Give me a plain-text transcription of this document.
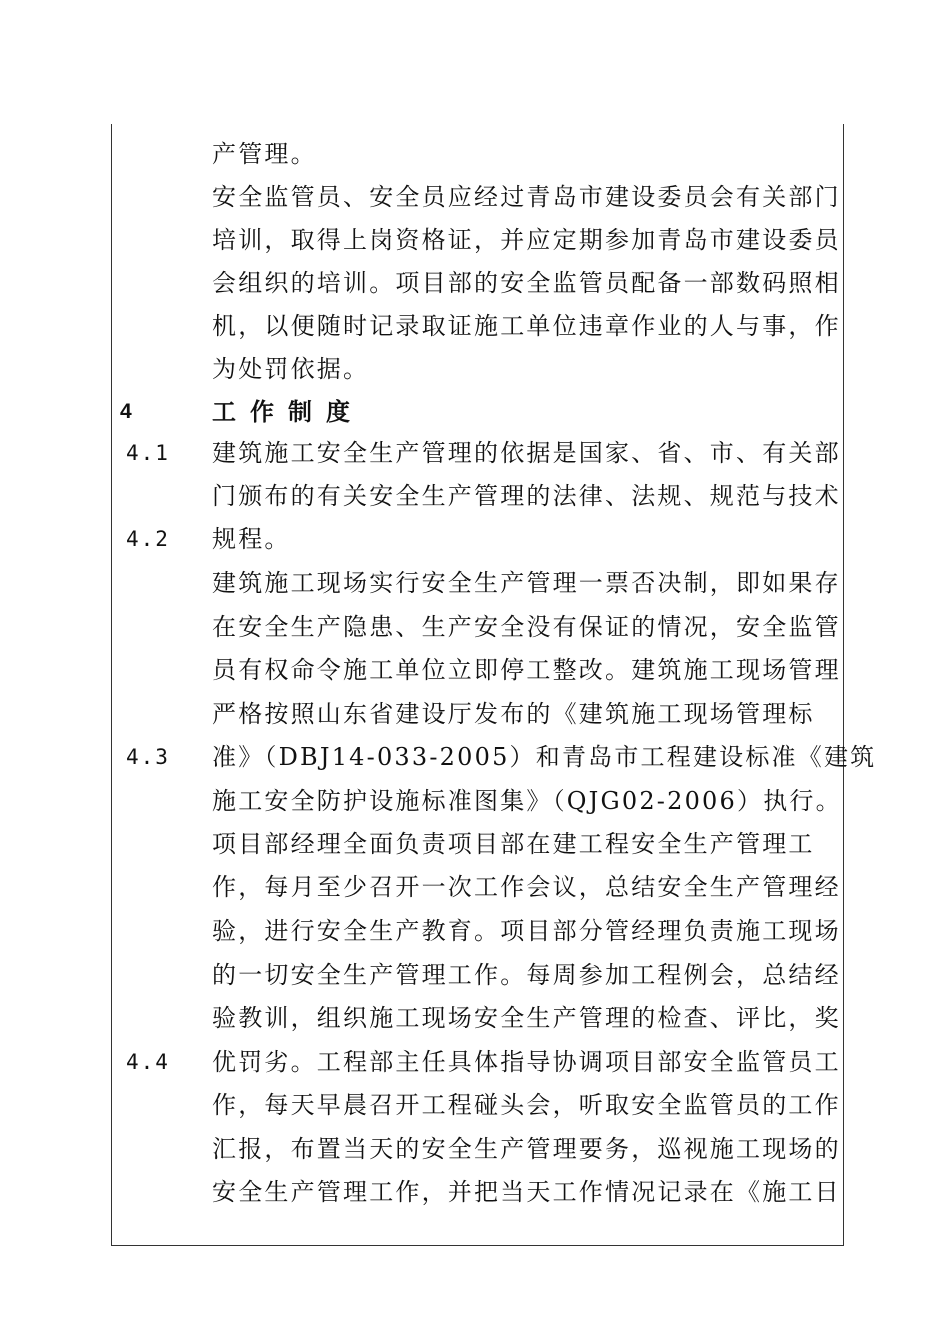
产管理。
安全监管员、安全员应经过青岛市建设委员会有关部门
培训，取得上岗资格证，并应定期参加青岛市建设委员
会组织的培训。项目部的安全监管员配备一部数码照相
机，以便随时记录取证施工单位违章作业的人与事，作
为处罚依据。
4	工作制度
4.1
4.2
4.3
4.4
建筑施工安全生产管理的依据是国家、省、市、有关部
门颁布的有关安全生产管理的法律、法规、规范与技术
规程。
建筑施工现场实行安全生产管理一票否决制，即如果存
在安全生产隐患、生产安全没有保证的情况，安全监管
员有权命令施工单位立即停工整改。建筑施工现场管理
严格按照山东省建设厅发布的《建筑施工现场管理标
准》（DBJ14-033-2005）和青岛市工程建设标准《建筑
施工安全防护设施标准图集》（QJG02-2006）执行。
项目部经理全面负责项目部在建工程安全生产管理工
作，每月至少召开一次工作会议，总结安全生产管理经
验，进行安全生产教育。项目部分管经理负责施工现场
的一切安全生产管理工作。每周参加工程例会，总结经
验教训，组织施工现场安全生产管理的检查、评比，奖
优罚劣。工程部主任具体指导协调项目部安全监管员工
作，每天早晨召开工程碰头会，听取安全监管员的工作
汇报，布置当天的安全生产管理要务，巡视施工现场的
安全生产管理工作，并把当天工作情况记录在《施工日
